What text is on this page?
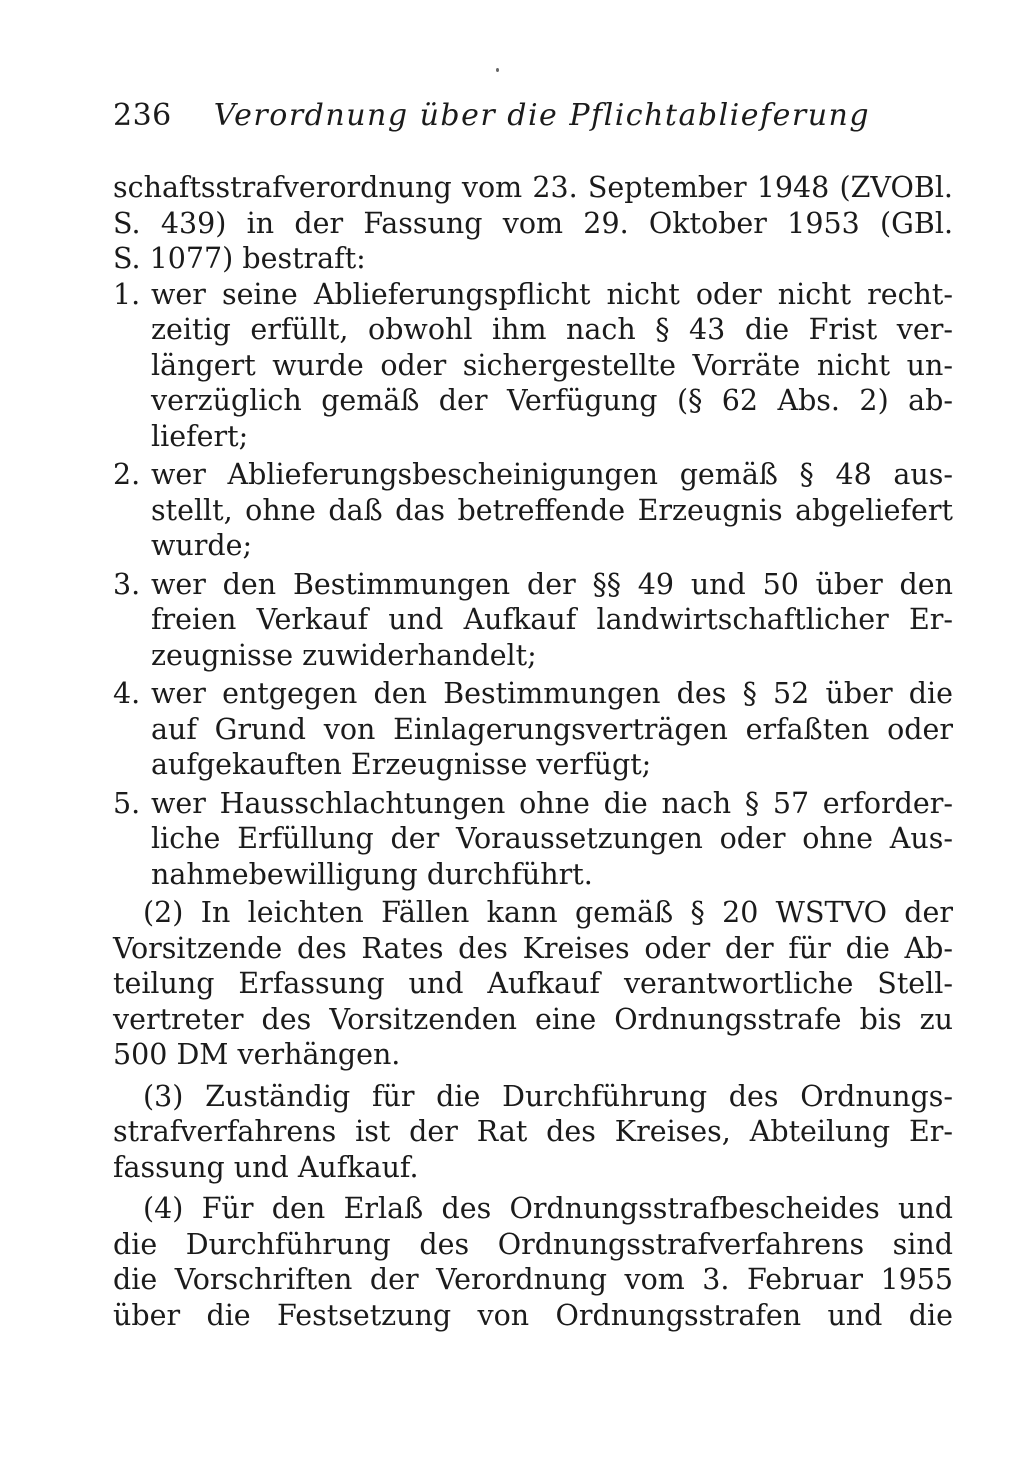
236 Verordnung über die Pflichtablieferung
schaftsstrafverordnung vom 23. September 1948 (ZVOBl.
S. 439) in der Fassung vom 29. Oktober 1953 (GBl.
S. 1077) bestraft:
1. wer seine Ablieferungspflicht nicht oder nicht recht-
zeitig erfüllt, obwohl ihm nach § 43 die Frist ver-
längert wurde oder sichergestellte Vorräte nicht un-
verzüglich gemäß der Verfügung (§ 62 Abs. 2) ab-
liefert;
2. wer Ablieferungsbescheinigungen gemäß § 48 aus-
stellt, ohne daß das betreffende Erzeugnis abgeliefert
wurde;
3. wer den Bestimmungen der §§ 49 und 50 über den
freien Verkauf und Aufkauf landwirtschaftlicher Er-
zeugnisse zuwiderhandelt;
4. wer entgegen den Bestimmungen des § 52 über die
auf Grund von Einlagerungsverträgen erfaßten oder
aufgekauften Erzeugnisse verfügt;
5. wer Hausschlachtungen ohne die nach § 57 erforder-
liche Erfüllung der Voraussetzungen oder ohne Aus-
nahmebewilligung durchführt.
(2) In leichten Fällen kann gemäß § 20 WSTVO der
Vorsitzende des Rates des Kreises oder der für die Ab-
teilung Erfassung und Aufkauf verantwortliche Stell-
vertreter des Vorsitzenden eine Ordnungsstrafe bis zu
500 DM verhängen.
(3) Zuständig für die Durchführung des Ordnungs-
strafverfahrens ist der Rat des Kreises, Abteilung Er-
fassung und Aufkauf.
(4) Für den Erlaß des Ordnungsstrafbescheides und
die Durchführung des Ordnungsstrafverfahrens sind
die Vorschriften der Verordnung vom 3. Februar 1955
über die Festsetzung von Ordnungsstrafen und die
